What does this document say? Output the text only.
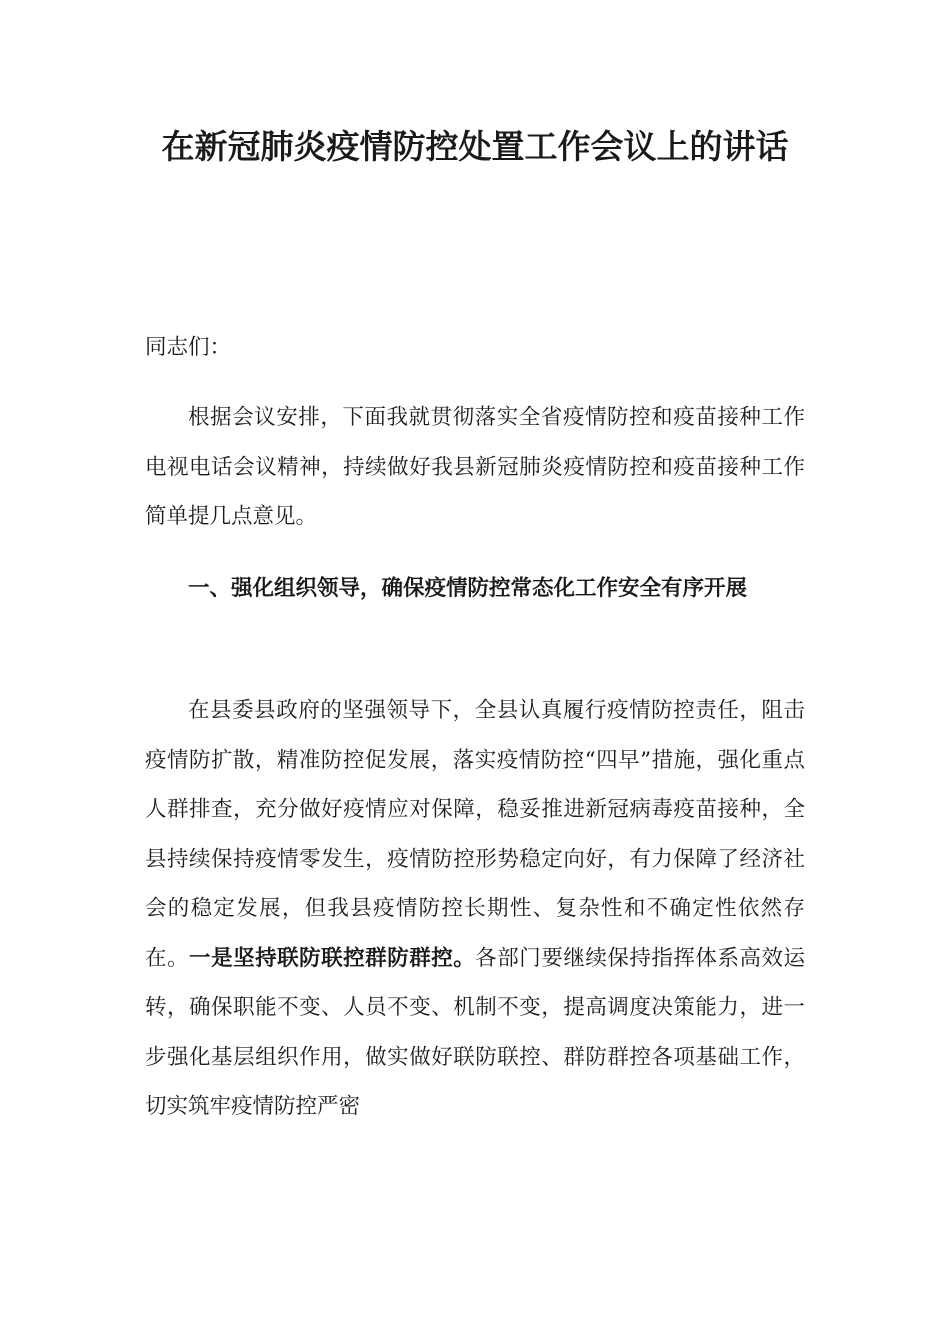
在新冠肺炎疫情防控处置工作会议上的讲话

同志们：

根据会议安排，下面我就贯彻落实全省疫情防控和疫苗接种工作电视电话会议精神，持续做好我县新冠肺炎疫情防控和疫苗接种工作简单提几点意见。

一、强化组织领导，确保疫情防控常态化工作安全有序开展

在县委县政府的坚强领导下，全县认真履行疫情防控责任，阻击疫情防扩散，精准防控促发展，落实疫情防控“四早”措施，强化重点人群排查，充分做好疫情应对保障，稳妥推进新冠病毒疫苗接种，全县持续保持疫情零发生，疫情防控形势稳定向好，有力保障了经济社会的稳定发展，但我县疫情防控长期性、复杂性和不确定性依然存在。一是坚持联防联控群防群控。各部门要继续保持指挥体系高效运转，确保职能不变、人员不变、机制不变，提高调度决策能力，进一步强化基层组织作用，做实做好联防联控、群防群控各项基础工作，切实筑牢疫情防控严密
